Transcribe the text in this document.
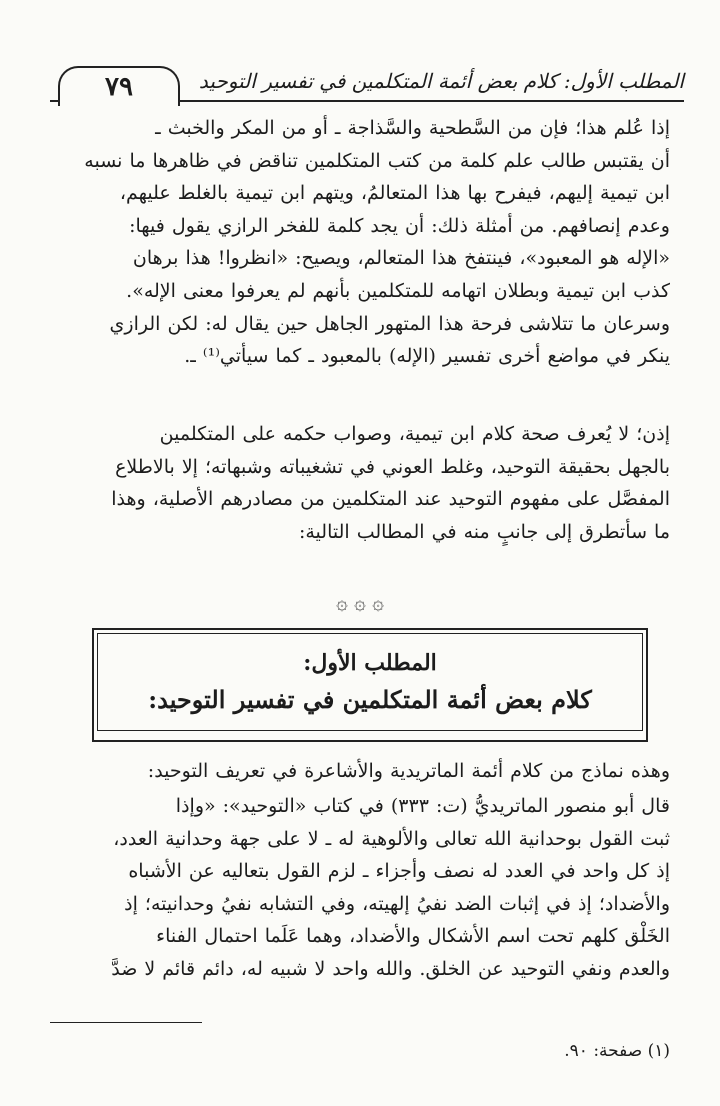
٧٩	المطلب الأول: كلام بعض أئمة المتكلمين في تفسير التوحيد
إذا عُلم هذا؛ فإن من السَّطحية والسَّذاجة ـ أو من المكر والخبث ـ
أن يقتبس طالب علم كلمة من كتب المتكلمين تناقض في ظاهرها ما نسبه
ابن تيمية إليهم، فيفرح بها هذا المتعالمُ، ويتهم ابن تيمية بالغلط عليهم،
وعدم إنصافهم. من أمثلة ذلك: أن يجد كلمة للفخر الرازي يقول فيها:
«الإله هو المعبود»، فينتفخ هذا المتعالم، ويصيح: «انظروا! هذا برهان
كذب ابن تيمية وبطلان اتهامه للمتكلمين بأنهم لم يعرفوا معنى الإله».
وسرعان ما تتلاشى فرحة هذا المتهور الجاهل حين يقال له: لكن الرازي
ينكر في مواضع أخرى تفسير (الإله) بالمعبود ـ كما سيأتي⁽¹⁾ ـ.
إذن؛ لا يُعرف صحة كلام ابن تيمية، وصواب حكمه على المتكلمين
بالجهل بحقيقة التوحيد، وغلط العوني في تشغيباته وشبهاته؛ إلا بالاطلاع
المفصَّل على مفهوم التوحيد عند المتكلمين من مصادرهم الأصلية، وهذا
ما سأتطرق إلى جانبٍ منه في المطالب التالية:
۞ ۞ ۞
المطلب الأول:
كلام بعض أئمة المتكلمين في تفسير التوحيد:
وهذه نماذج من كلام أئمة الماتريدية والأشاعرة في تعريف التوحيد:
قال أبو منصور الماتريديُّ (ت: ٣٣٣) في كتاب «التوحيد»: «وإذا
ثبت القول بوحدانية الله تعالى والألوهية له ـ لا على جهة وحدانية العدد،
إذ كل واحد في العدد له نصف وأجزاء ـ لزم القول بتعاليه عن الأشباه
والأضداد؛ إذ في إثبات الضد نفيُ إلهيته، وفي التشابه نفيُ وحدانيته؛ إذ
الخَلْق كلهم تحت اسم الأشكال والأضداد، وهما عَلَما احتمال الفناء
والعدم ونفي التوحيد عن الخلق. والله واحد لا شبيه له، دائم قائم لا ضدَّ
(١) صفحة: ٩٠.
